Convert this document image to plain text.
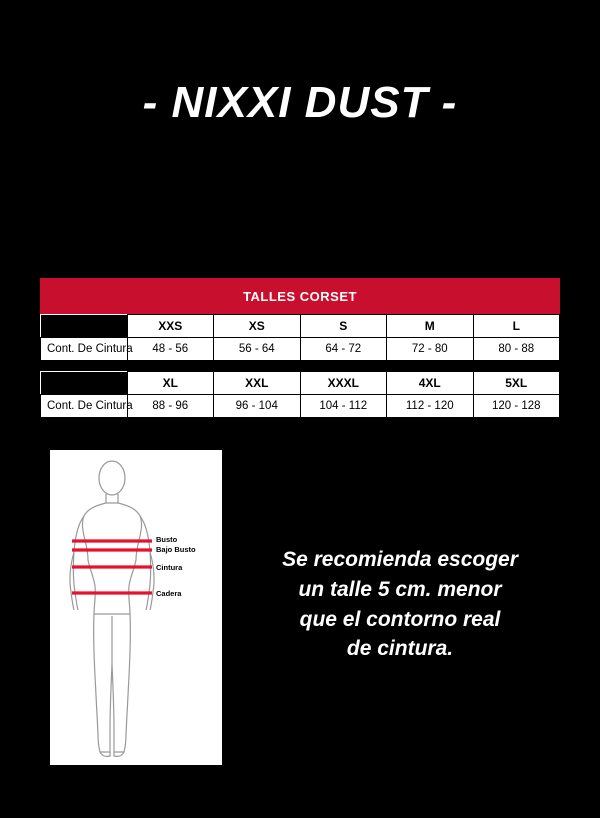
- NIXXI DUST -
TALLES CORSET
	XXS	XS	S	M	L
Cont. De Cintura	48 - 56	56 - 64	64 - 72	72 - 80	80 - 88
	XL	XXL	XXXL	4XL	5XL
Cont. De Cintura	88 - 96	96 - 104	104 - 112	112 - 120	120 - 128
Busto
Bajo Busto
Cintura
Cadera
Se recomienda escoger
un talle 5 cm. menor
que el contorno real
de cintura.
